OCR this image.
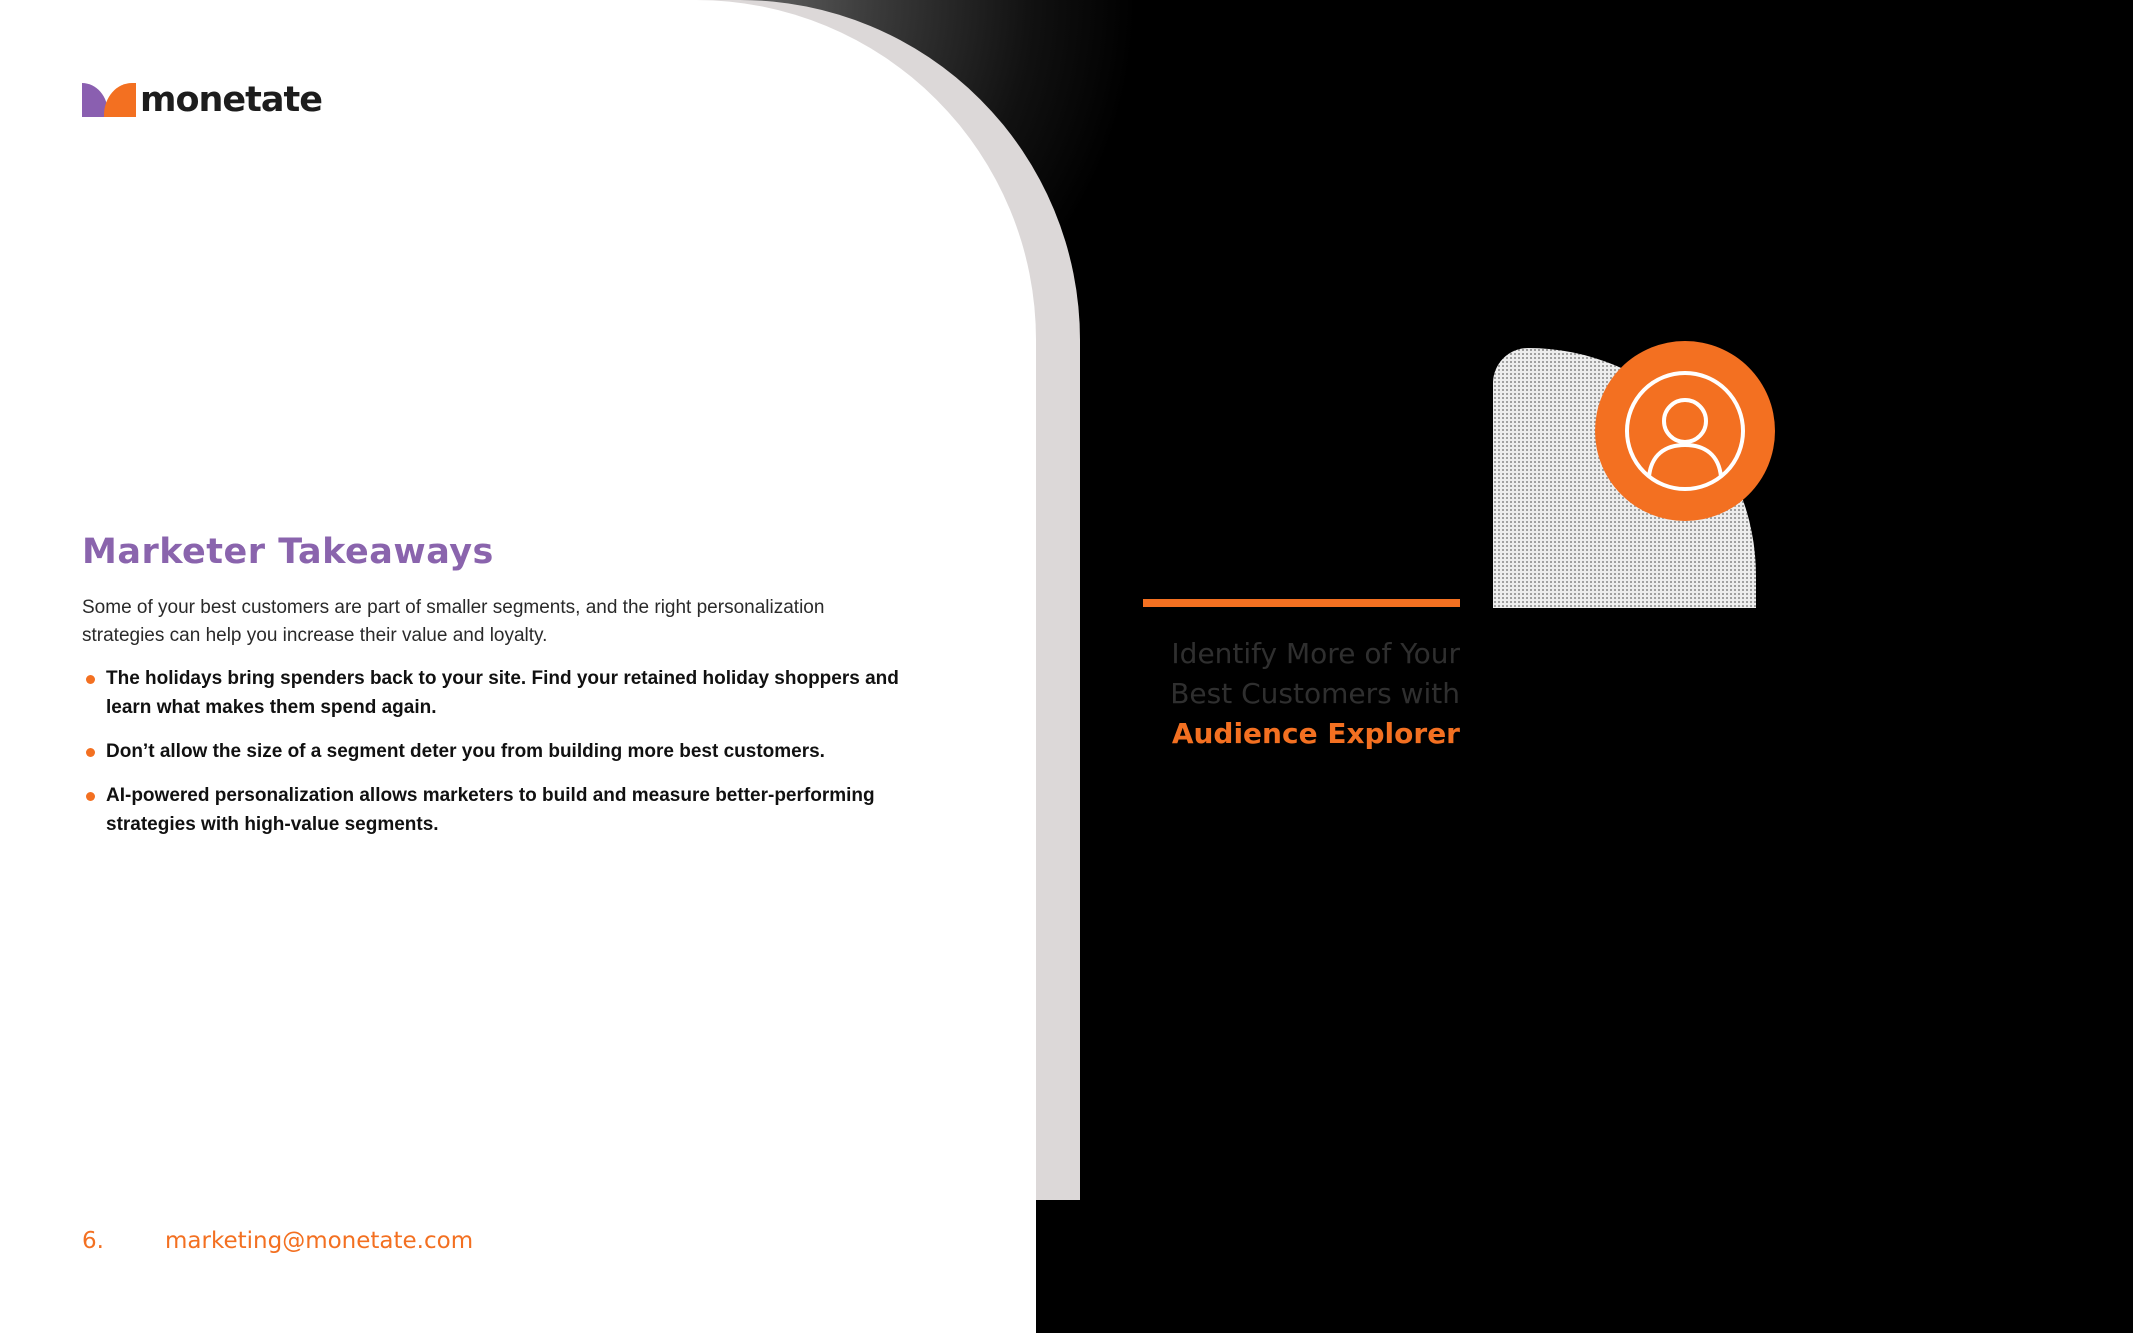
monetate
Marketer Takeaways

Some of your best customers are part of smaller segments, and the right personalization strategies can help you increase their value and loyalty.

The holidays bring spenders back to your site. Find your retained holiday shoppers and learn what makes them spend again.
Don’t allow the size of a segment deter you from building more best customers.
AI-powered personalization allows marketers to build and measure better-performing strategies with high-value segments.
6.	marketing@monetate.com
Identify More of Your
Best Customers with
Audience Explorer
